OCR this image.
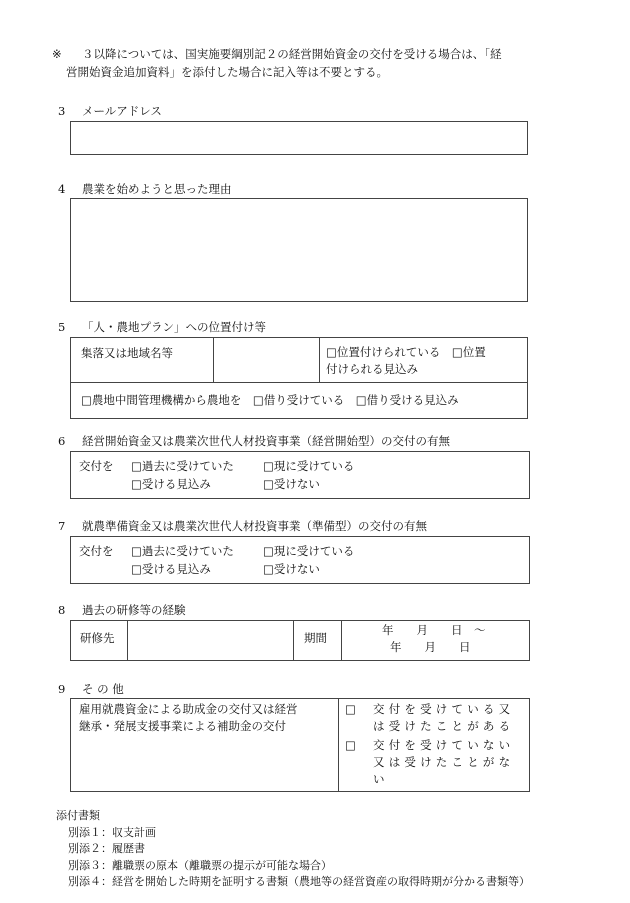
※ ３以降については、国実施要綱別記２の経営開始資金の交付を受ける場合は、「経
営開始資金追加資料」を添付した場合に記入等は不要とする。
3 メールアドレス
4 農業を始めようと思った理由
5 「人・農地プラン」への位置付け等
集落又は地域名等		□位置付けられている　□位置
付けられる見込み

□農地中間管理機構から農地を　□借り受けている　□借り受ける見込み
6 経営開始資金又は農業次世代人材投資事業（経営開始型）の交付の有無
交付を □過去に受けていた	□現に受けている
□受ける見込み	□受けない
7 就農準備資金又は農業次世代人材投資事業（準備型）の交付の有無
交付を □過去に受けていた	□現に受けている
□受ける見込み	□受けない
8 過去の研修等の経験
研修先		期間	
年　　月　　日　～
年　　月　　日
9 そ の 他
雇用就農資金による助成金の交付又は経営
継承・発展支援事業による補助金の交付

□ 交付を受けている又
は受けたことがある
□ 交付を受けていない
又は受けたことがな
い
添付書類
別添１：収支計画
別添２：履歴書
別添３：離職票の原本（離職票の提示が可能な場合）
別添４：経営を開始した時期を証明する書類（農地等の経営資産の取得時期が分かる書類等）
